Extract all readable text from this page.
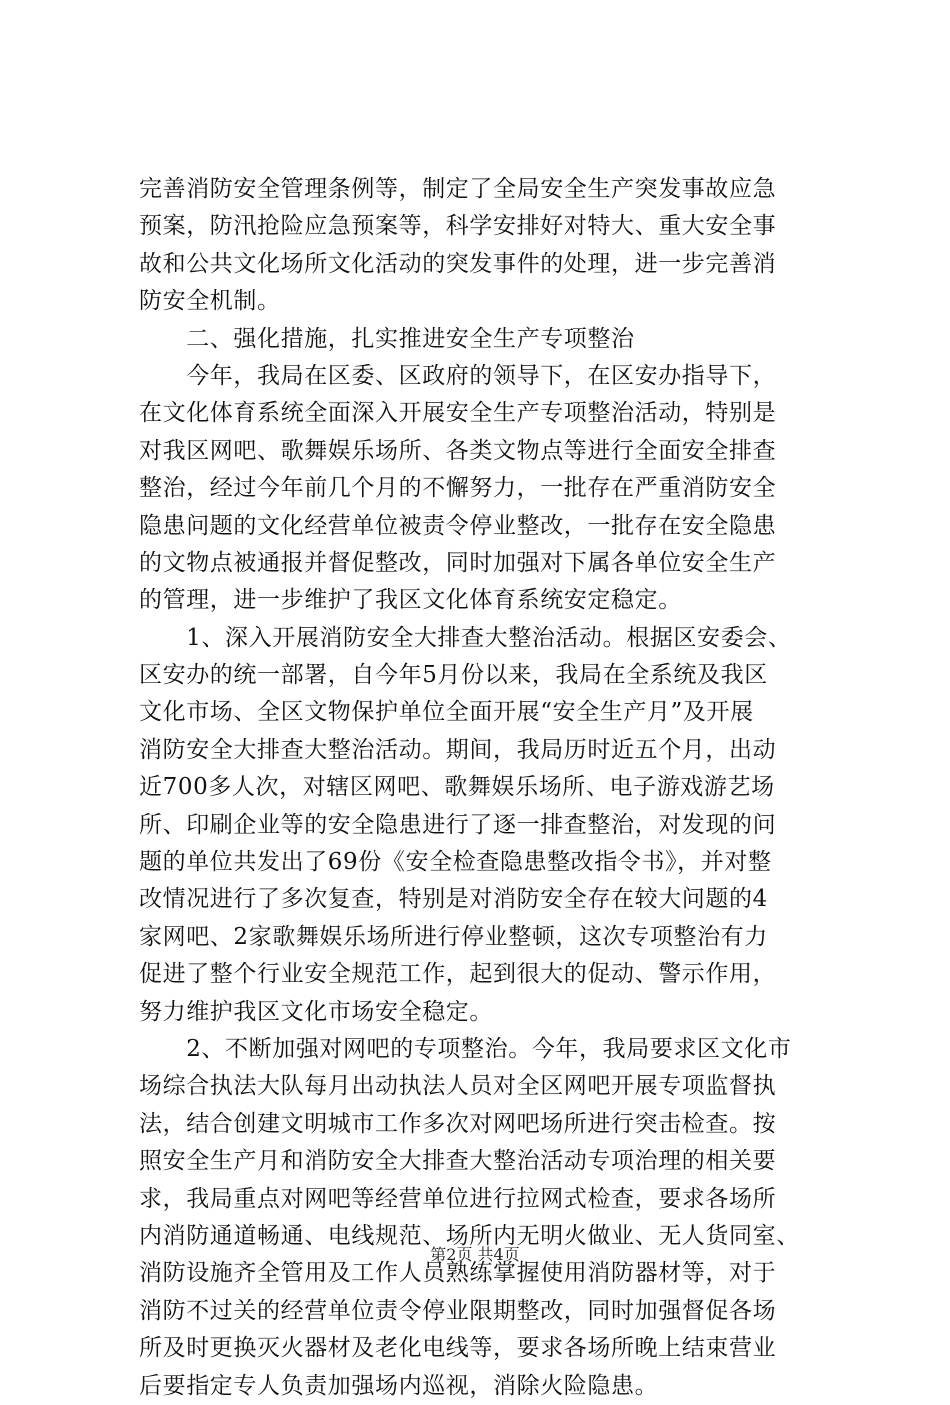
完善消防安全管理条例等，制定了全局安全生产突发事故应急
预案，防汛抢险应急预案等，科学安排好对特大、重大安全事
故和公共文化场所文化活动的突发事件的处理，进一步完善消
防安全机制。
　　二、强化措施，扎实推进安全生产专项整治
　　今年，我局在区委、区政府的领导下，在区安办指导下，
在文化体育系统全面深入开展安全生产专项整治活动，特别是
对我区网吧、歌舞娱乐场所、各类文物点等进行全面安全排查
整治，经过今年前几个月的不懈努力，一批存在严重消防安全
隐患问题的文化经营单位被责令停业整改，一批存在安全隐患
的文物点被通报并督促整改，同时加强对下属各单位安全生产
的管理，进一步维护了我区文化体育系统安定稳定。
　　1、深入开展消防安全大排查大整治活动。根据区安委会、
区安办的统一部署，自今年5月份以来，我局在全系统及我区
文化市场、全区文物保护单位全面开展“安全生产月”及开展
消防安全大排查大整治活动。期间，我局历时近五个月，出动
近700多人次，对辖区网吧、歌舞娱乐场所、电子游戏游艺场
所、印刷企业等的安全隐患进行了逐一排查整治，对发现的问
题的单位共发出了69份《安全检查隐患整改指令书》，并对整
改情况进行了多次复查，特别是对消防安全存在较大问题的4
家网吧、2家歌舞娱乐场所进行停业整顿，这次专项整治有力
促进了整个行业安全规范工作，起到很大的促动、警示作用，
努力维护我区文化市场安全稳定。
　　2、不断加强对网吧的专项整治。今年，我局要求区文化市
场综合执法大队每月出动执法人员对全区网吧开展专项监督执
法，结合创建文明城市工作多次对网吧场所进行突击检查。按
照安全生产月和消防安全大排查大整治活动专项治理的相关要
求，我局重点对网吧等经营单位进行拉网式检查，要求各场所
内消防通道畅通、电线规范、场所内无明火做业、无人货同室、
消防设施齐全管用及工作人员熟练掌握使用消防器材等，对于
消防不过关的经营单位责令停业限期整改，同时加强督促各场
所及时更换灭火器材及老化电线等，要求各场所晚上结束营业
后要指定专人负责加强场内巡视，消除火险隐患。
第2页 共4页
